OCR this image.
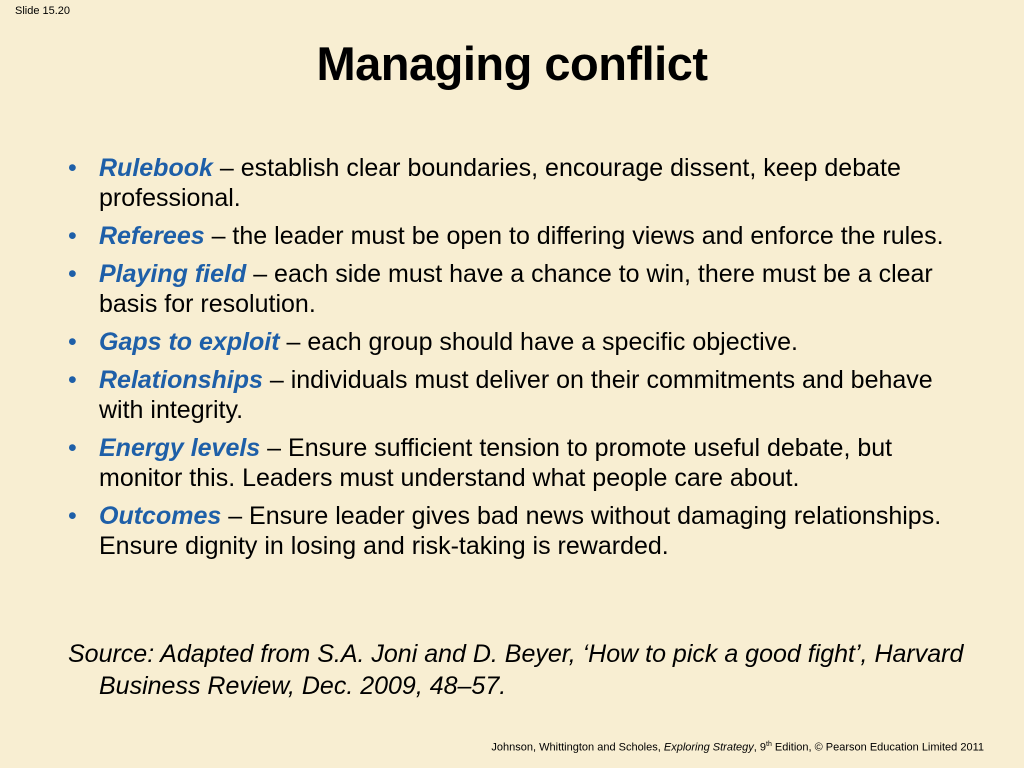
Slide 15.20
Managing conflict
• Rulebook – establish clear boundaries, encourage dissent, keep debate professional.
• Referees – the leader must be open to differing views and enforce the rules.
• Playing field – each side must have a chance to win, there must be a clear basis for resolution.
• Gaps to exploit – each group should have a specific objective.
• Relationships – individuals must deliver on their commitments and behave with integrity.
• Energy levels – Ensure sufficient tension to promote useful debate, but monitor this. Leaders must understand what people care about.
• Outcomes – Ensure leader gives bad news without damaging relationships. Ensure dignity in losing and risk-taking is rewarded.
Source: Adapted from S.A. Joni and D. Beyer, ‘How to pick a good fight’, Harvard Business Review, Dec. 2009, 48–57.
Johnson, Whittington and Scholes, Exploring Strategy, 9th Edition, © Pearson Education Limited 2011
